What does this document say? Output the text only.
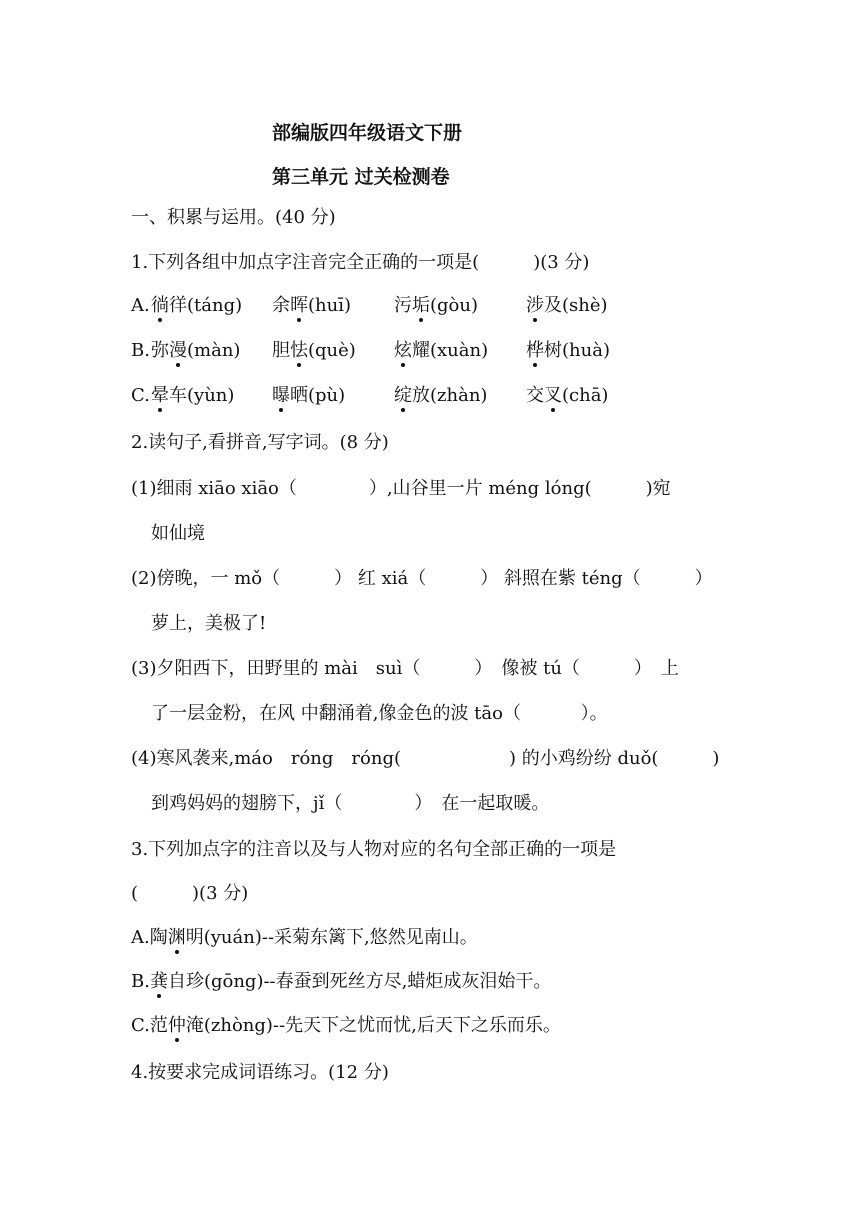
部编版四年级语文下册
第三单元 过关检测卷
一、积累与运用。(40 分)
1.下列各组中加点字注音完全正确的一项是(　　　)(3 分)
A. 徜徉(táng) 余晖(huī) 污垢(gòu)	涉及(shè)
B. 弥漫(màn) 胆怯(què) 炫耀(xuàn) 桦树(huà)
C. 晕车(yùn) 曝晒(pù)	绽放(zhàn) 交叉(chā)
2.读句子,看拼音,写字词。(8 分)
(1)细雨 xiāo xiāo（　　　　）,山谷里一片 méng lóng(　　　)宛
如仙境
(2)傍晚，一 mǒ（　　　） 红 xiá（　　　） 斜照在紫 téng（　　　）
萝上，美极了!
(3)夕阳西下，田野里的 mài　suì（　　　）　像被 tú（　　　）　上
了一层金粉，在风 中翻涌着,像金色的波 tāo（　　　 ）。
(4)寒风袭来,máo　róng　róng(　　　　　　) 的小鸡纷纷 duǒ(　　　)
到鸡妈妈的翅膀下，jǐ（　　　　）　在一起取暖。
3.下列加点字的注音以及与人物对应的名句全部正确的一项是
(　　　)(3 分)
A.陶渊明(yuán)--采菊东篱下,悠然见南山。
B.龚自珍(gōng)--春蚕到死丝方尽,蜡炬成灰泪始干。
C.范仲淹(zhòng)--先天下之忧而忧,后天下之乐而乐。
4.按要求完成词语练习。(12 分)
